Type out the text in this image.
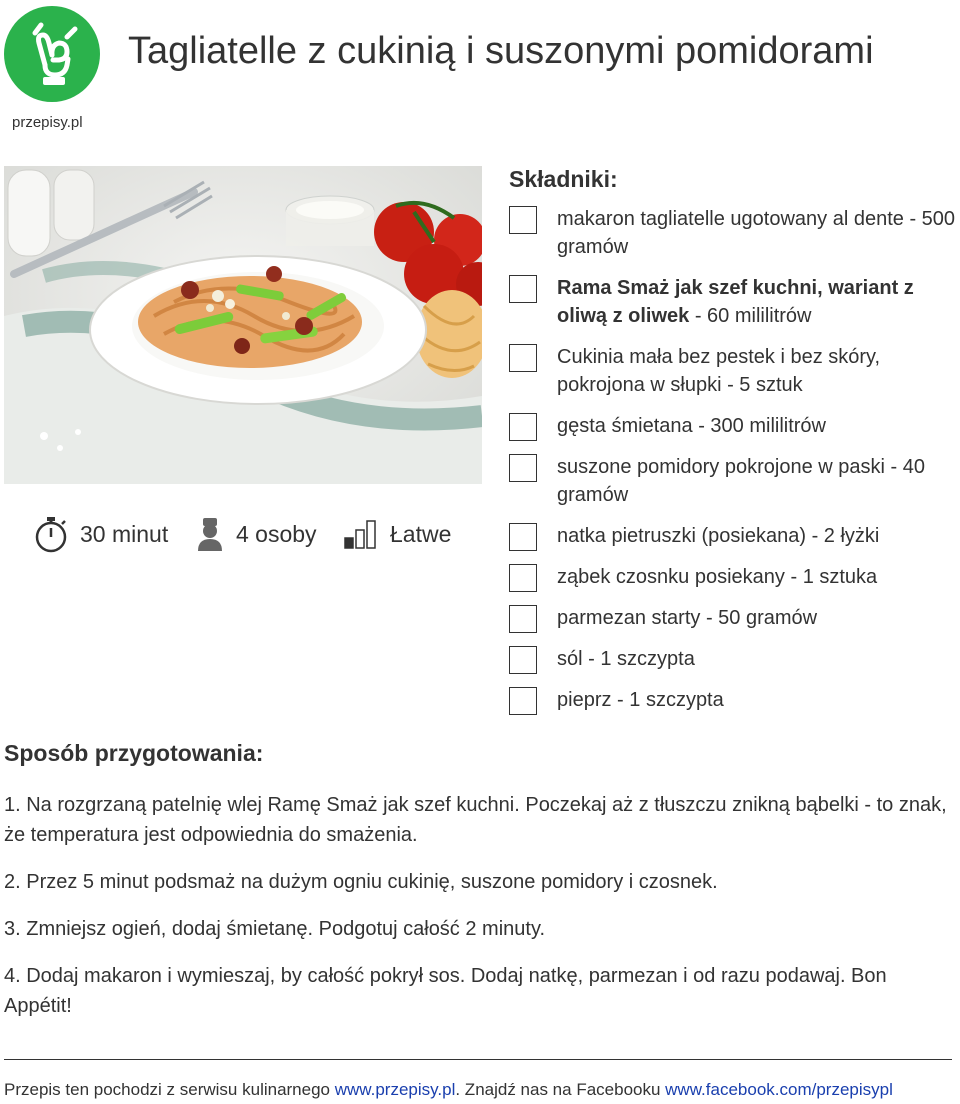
przepisy.pl
Tagliatelle z cukinią i suszonymi pomidorami
30 minut	4 osoby	Łatwe
Składniki:
makaron tagliatelle ugotowany al dente - 500 gramów
Rama Smaż jak szef kuchni, wariant z oliwą z oliwek - 60 mililitrów
Cukinia mała bez pestek i bez skóry, pokrojona w słupki - 5 sztuk
gęsta śmietana - 300 mililitrów
suszone pomidory pokrojone w paski - 40 gramów
natka pietruszki (posiekana) - 2 łyżki
ząbek czosnku posiekany - 1 sztuka
parmezan starty - 50 gramów
sól - 1 szczypta
pieprz - 1 szczypta
Sposób przygotowania:
1. Na rozgrzaną patelnię wlej Ramę Smaż jak szef kuchni. Poczekaj aż z tłuszczu znikną bąbelki - to znak, że temperatura jest odpowiednia do smażenia.
2. Przez 5 minut podsmaż na dużym ogniu cukinię, suszone pomidory i czosnek.
3. Zmniejsz ogień, dodaj śmietanę. Podgotuj całość 2 minuty.
4. Dodaj makaron i wymieszaj, by całość pokrył sos. Dodaj natkę, parmezan i od razu podawaj. Bon Appétit!
Przepis ten pochodzi z serwisu kulinarnego www.przepisy.pl. Znajdź nas na Facebooku www.facebook.com/przepisypl
